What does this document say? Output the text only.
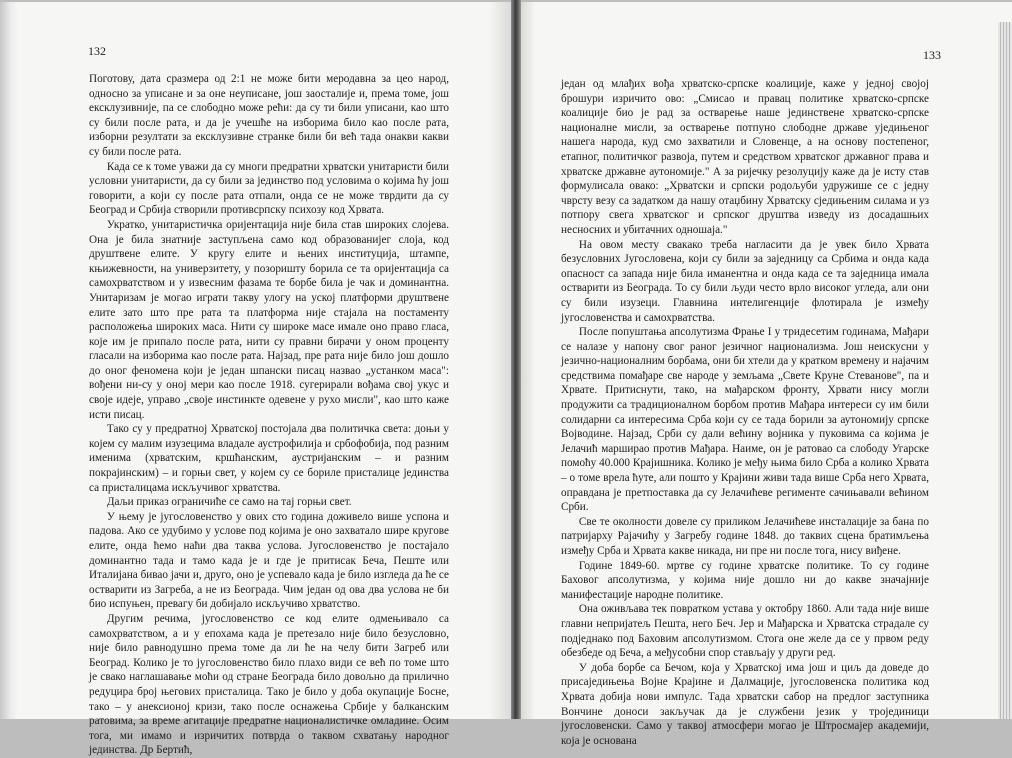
132

Поготову, дата сразмера од 2:1 не може бити меродавна за цео народ, односно за уписане и за оне неуписане, још заосталије и, према томе, још ексклузивније, па се слободно може рећи: да су ти били уписани, као што су били после рата, и да је учешће на изборима било као после рата, изборни резултати за ексклузивне странке били би већ тада онакви какви су били после рата.

Када се к томе уважи да су многи предратни хрватски унитаристи били условни унитаристи, да су били за јединство под условима о којима ћу још говорити, а који су после рата отпали, онда се не може тврдити да су Београд и Србија створили противсрпску психозу код Хрвата.

Укратко, унитаристичка оријентација није била став широких слојева. Она је била знатније заступљена само код образованијег слоја, код друштвене елите. У кругу елите и њених институција, штампе, књижевности, на универзитету, у позоришту борила се та оријентација са самохрватством и у извесним фазама те борбе била је чак и доминантна. Унитаризам је могао играти такву улогу на уској платформи друштвене елите зато што пре рата та платформа није стајала на постаменту расположења широких маса. Нити су широке масе имале оно право гласа, које им је припало после рата, нити су правни бирачи у оном проценту гласали на изборима као после рата. Најзад, пре рата није било још дошло до оног феномена који је један шпански писац назвао „устанком маса": вођени ни-су у оној мери као после 1918. сугерирали вођама свој укус и своје идеје, управо „своје инстинкте одевене у рухо мисли", као што каже исти писац.

Тако су у предратној Хрватској постојала два политичка света: доњи у којем су малим изузецима владале аустрофилија и србофобија, под разним именима (хрватским, кршћанским, аустријанским – и разним покрајинским) – и горњи свет, у којем су се бориле присталице јединства са присталицама искључивог хрватства.

Даљи приказ ограничиће се само на тај горњи свет.

У њему је југословенство у ових сто година доживело више успона и падова. Ако се удубимо у услове под којима је оно захватало шире кругове елите, онда ћемо наћи два таква услова. Југословенство је постајало доминантно тада и тамо када је и где је притисак Беча, Пеште или Италијана бивао јачи и, друго, оно је успевало када је било изгледа да ће се остварити из Загреба, а не из Београда. Чим један од ова два услова не би био испуњен, превагу би добијало искључиво хрватство.

Другим речима, југословенство се код елите одмењивало са самохрватством, а и у епохама када је претезало није било безусловно, није било равнодушно према томе да ли ће на челу бити Загреб или Београд. Колико је то југословенство било плахо види се већ по томе што је свако наглашавање моћи од стране Београда било довољно да прилично редуцира број његових присталица. Тако је било у доба окупације Босне, тако – у анексионој кризи, тако после оснажења Србије у балканским ратовима, за време агитације предратне националистичке омладине. Осим тога, ми имамо и изричитих потврда о таквом схватању народног јединства. Др Бертић,

133

један од млађих вођа хрватско-српске коалиције, каже у једној својој брошури изричито ово: „Смисао и правац политике хрватско-српске коалиције био је рад за остварење наше јединствене хрватско-српске националне мисли, за остварење потпуно слободне државе уједињеног нашега народа, куд смо захватили и Словенце, а на основу постепеног, етапног, политичког развоја, путем и средством хрватског државног права и хрватске државне аутономије." А за ријечку резолуцију каже да је исту став формулисала овако: „Хрватски и српски родољуби удружише се с једну чврсту везу са задатком да нашу отаџбину Хрватску сједињеним силама и уз потпору свега хрватског и српског друштва изведу из досадашњих несносних и убитачних одношаја."

На овом месту свакако треба нагласити да је увек било Хрвата безусловних Југословена, који су били за заједницу са Србима и онда када опасност са запада није била иманентна и онда када се та заједница имала остварити из Београда. То су били људи често врло високог угледа, али они су били изузеци. Главнина интелигенције флотирала је између југословенства и самохрватства.

После попуштања апсолутизма Фрање I у тридесетим годинама, Мађари се налазе у напону свог раног језичног национализма. Још неискусни у језично-националним борбама, они би хтели да у кратком времену и најачим средствима помађаре све народе у земљама „Свете Круне Стевановe", па и Хрвате. Притиснути, тако, на мађарском фронту, Хрвати нису могли продужити са традиционалном борбом против Мађара интереси су им били солидарни са интересима Срба који су се тада борили за аутономију српске Војводине. Најзад, Срби су дали већину војника у пуковима са којима је Јелачић марширао против Мађара. Наиме, он је ратовао са слободу Угарске помоћу 40.000 Крајишника. Колико је међу њима било Срба а колико Хрвата – о томе врела ћуте, али пошто у Крајини живи тада више Срба него Хрвата, оправдана је претпоставка да су Јелачићеве регименте сачињавали већином Срби.

Све те околности довеле су приликом Јелачићеве инсталације за бана по патријарху Рајачићу у Загребу године 1848. до таквих сцена братимљења између Срба и Хрвата какве никада, ни пре ни после тога, нису виђене.

Године 1849-60. мртве су године хрватске политике. То су године Баховог апсолутизма, у којима није дошло ни до какве значајније манифестације народне политике.

Она оживљава тек повратком устава у октобру 1860. Али тада није више главни непријатељ Пешта, него Беч. Јер и Мађарска и Хрватска страдале су подједнако под Баховим апсолутизмом. Стога оне желе да се у првом реду обезбеде од Беча, а међусобни спор стављају у други ред.

У доба борбе са Бечом, која у Хрватској има још и циљ да доведе до присаједињења Војне Крајине и Далмације, југословенска политика код Хрвата добија нови импулс. Тада хрватски сабор на предлог заступника Вончине доноси закључак да је службени језик у тројединици југословенски. Само у таквој атмосфери могао је Штросмајер академији, која је основана
